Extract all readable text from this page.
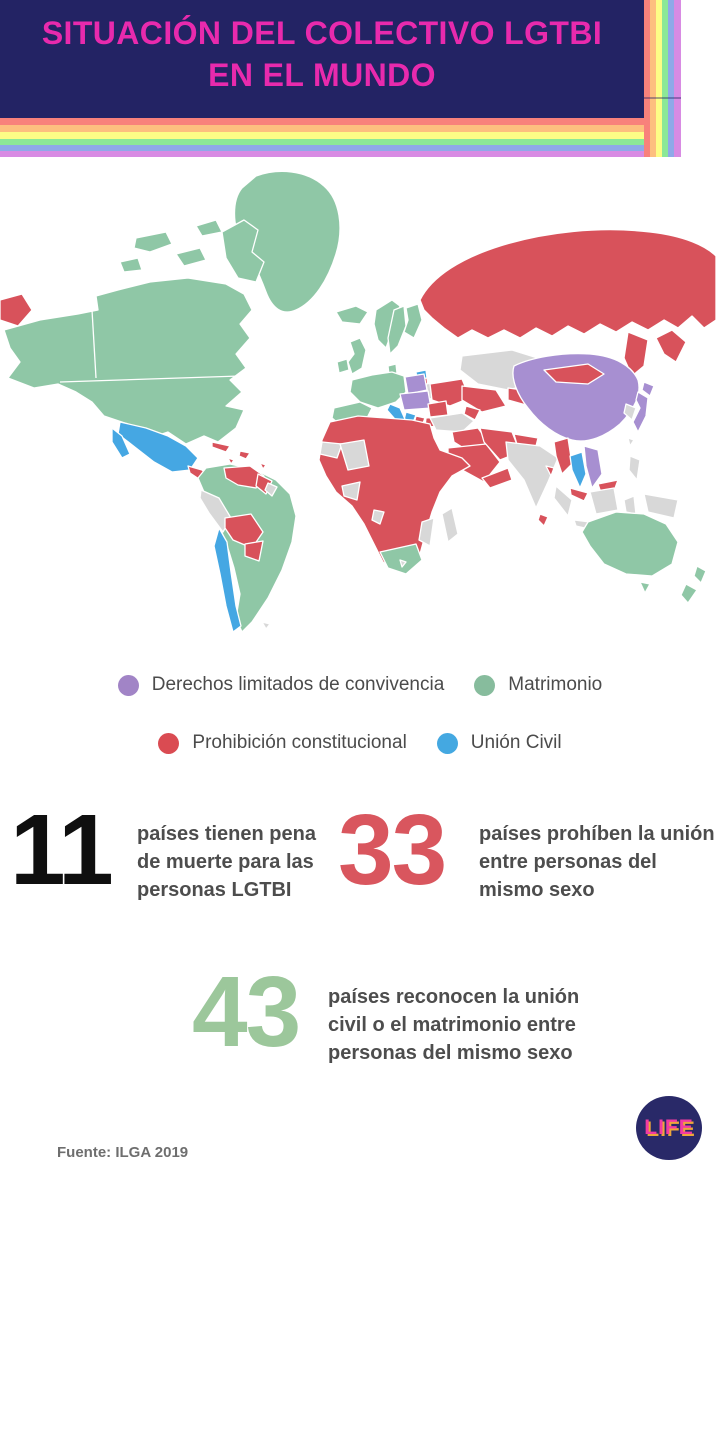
SITUACIÓN DEL COLECTIVO LGTBI
EN EL MUNDO
Derechos limitados de convivencia	Matrimonio
Prohibición constitucional	Unión Civil
11 países tienen pena
de muerte para las
personas LGTBI 33 países prohíben la unión
entre personas del
mismo sexo
43 países reconocen la unión
civil o el matrimonio entre
personas del mismo sexo
Fuente: ILGA 2019
LIFE
